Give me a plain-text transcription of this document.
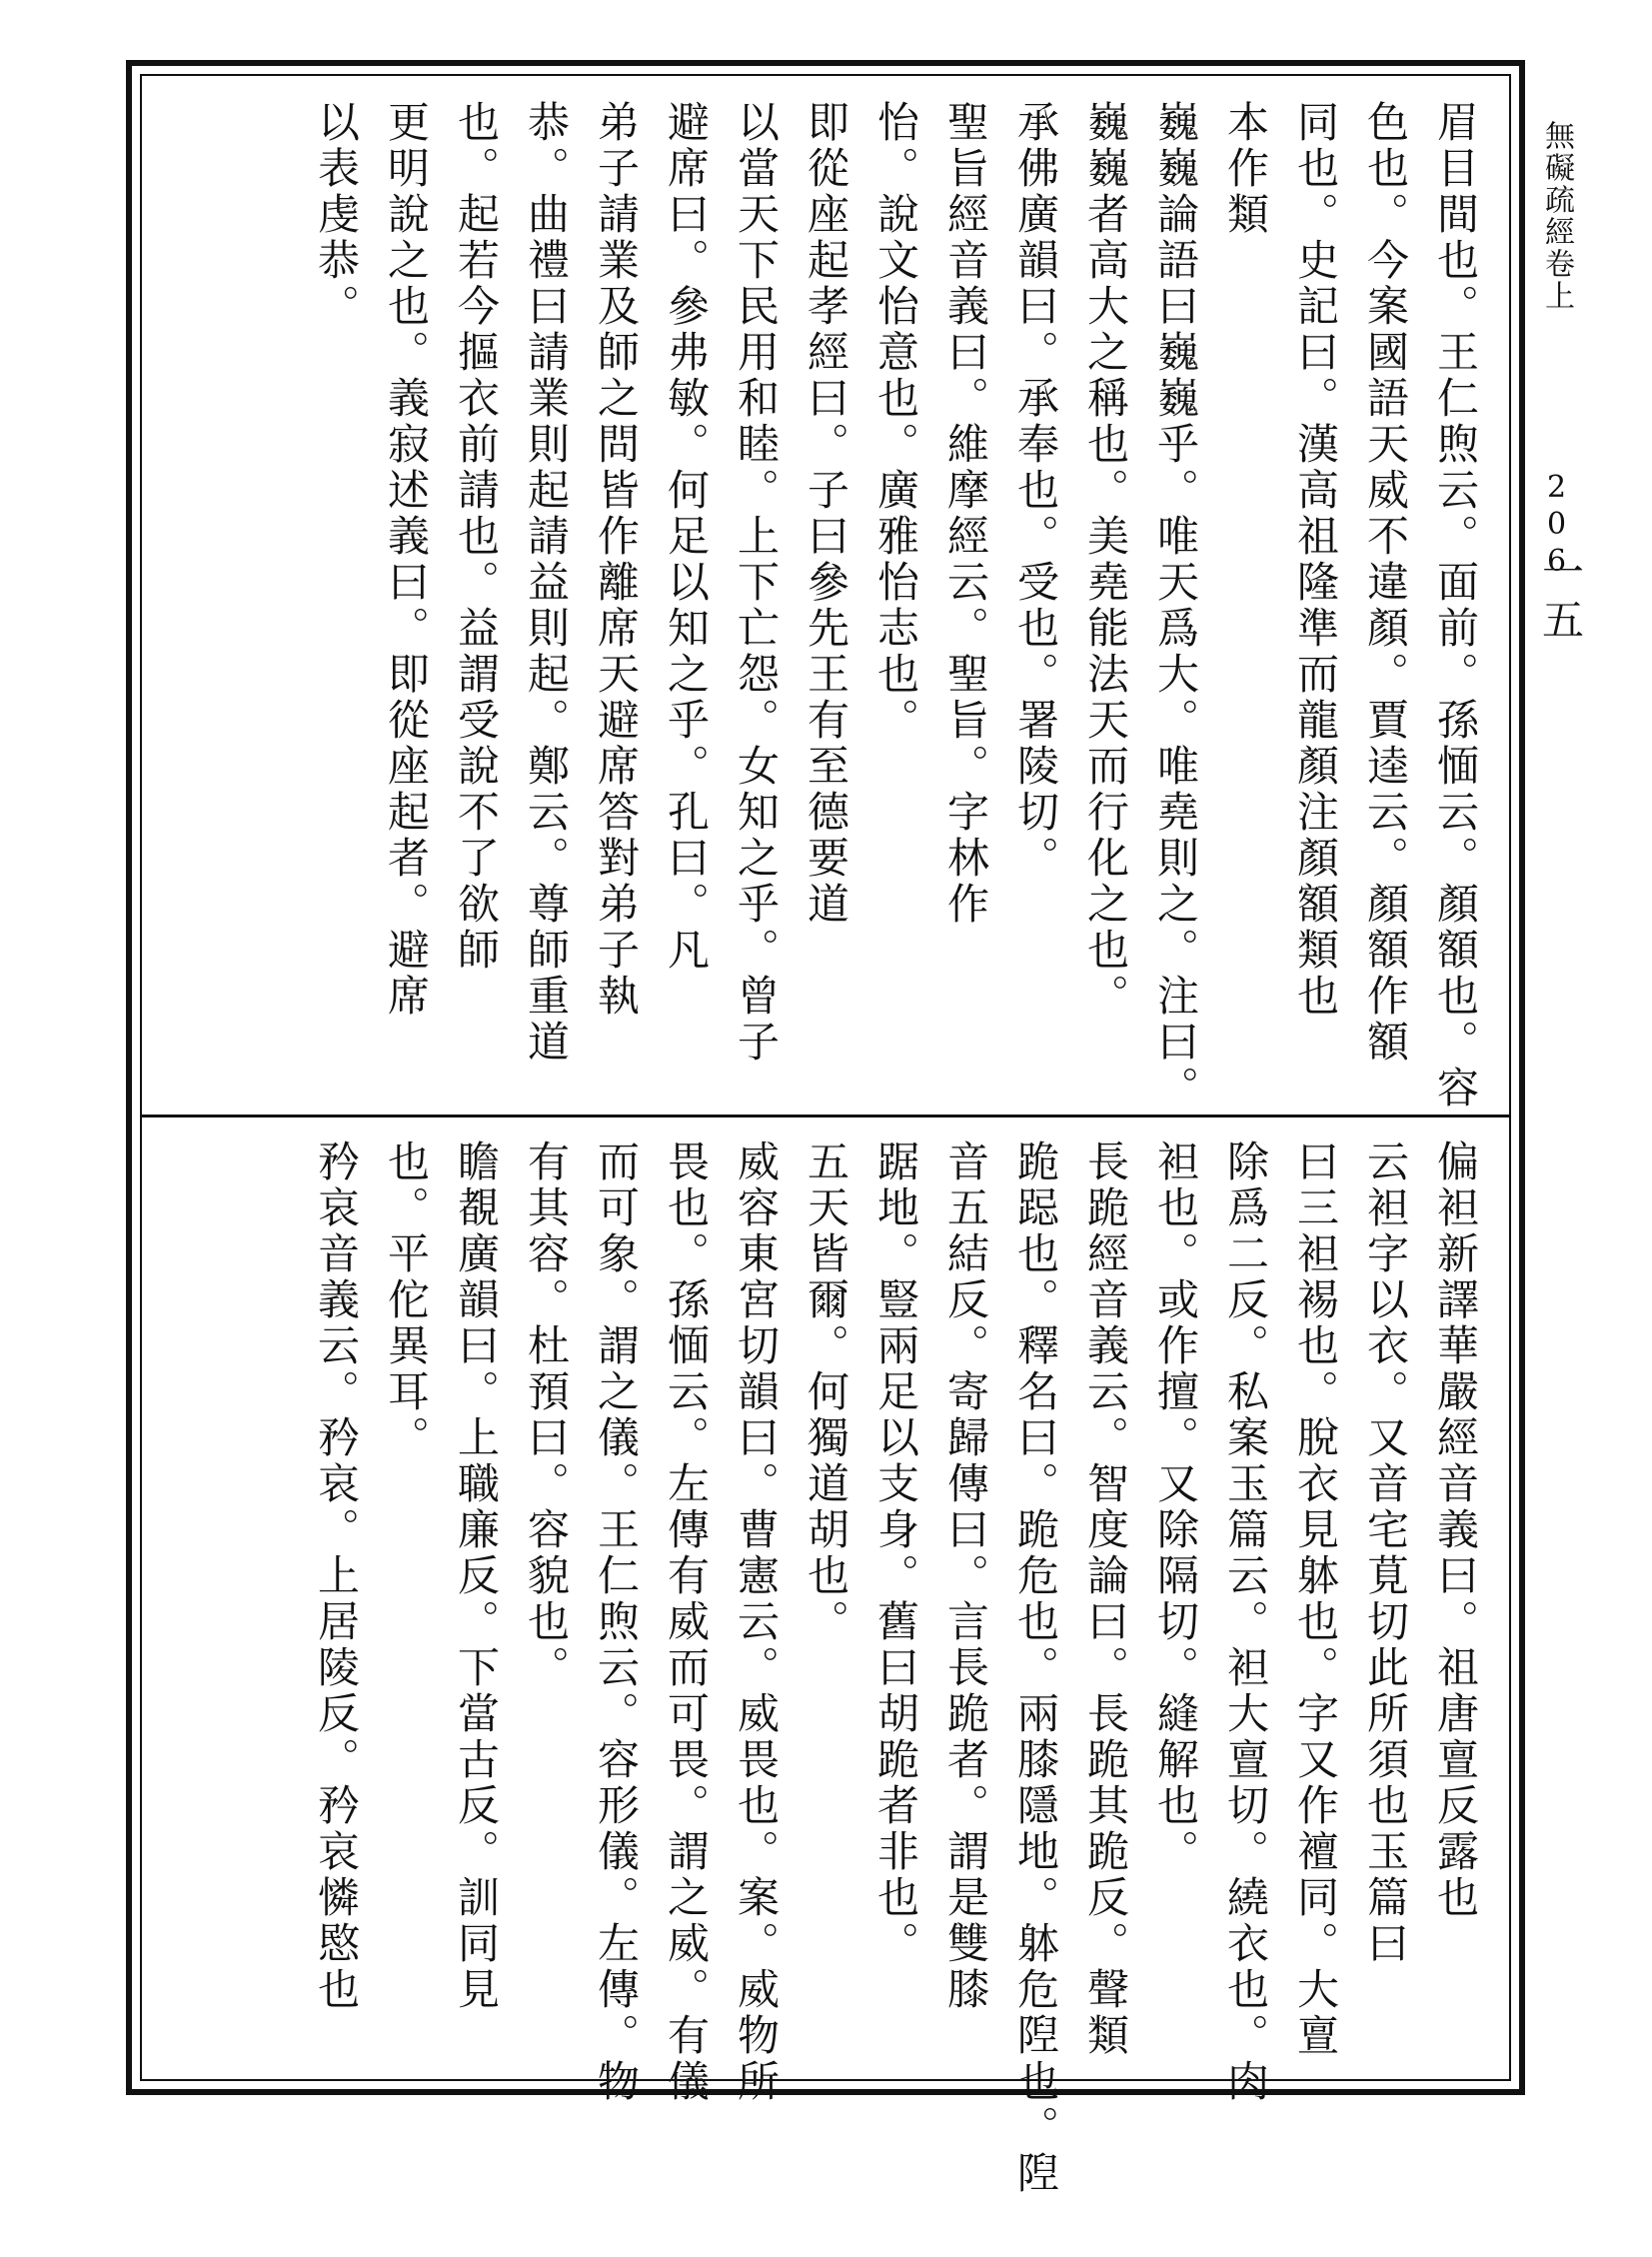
無礙疏經卷上
206
一五
眉目間也。王仁煦云。面前。孫愐云。顏額也。容
色也。今案國語天威不違顏。賈逵云。顏額作額
同也。史記曰。漢高祖隆準而龍顏注顏額類也
本作類
巍巍論語曰巍巍乎。唯天爲大。唯堯則之。注曰。
巍巍者高大之稱也。美堯能法天而行化之也。
承佛廣韻曰。承奉也。受也。署陵切。
聖旨經音義曰。維摩經云。聖旨。字林作
怡。說文怡意也。廣雅怡志也。
即從座起孝經曰。子曰參先王有至德要道
以當天下民用和睦。上下亡怨。女知之乎。曾子
避席曰。參弗敏。何足以知之乎。孔曰。凡
弟子請業及師之問皆作離席天避席答對弟子執
恭。曲禮曰請業則起請益則起。鄭云。尊師重道
也。起若今摳衣前請也。益謂受說不了欲師
更明說之也。義寂述義曰。即從座起者。避席
以表虔恭。
偏袒新譯華嚴經音義曰。祖唐亶反露也
云袒字以衣。又音宅莧切此所須也玉篇曰
曰三袒裼也。脫衣見躰也。字又作襢同。大亶
除爲二反。私案玉篇云。袒大亶切。繞衣也。肉
袒也。或作擅。又除隔切。縫解也。
長跪經音義云。智度論曰。長跪其跪反。聲類
跪跽也。釋名曰。跪危也。兩膝隱地。躰危隉也。隉
音五結反。寄歸傳曰。言長跪者。謂是雙膝
踞地。豎兩足以支身。舊曰胡跪者非也。
五天皆爾。何獨道胡也。
威容東宮切韻曰。曹憲云。威畏也。案。威物所
畏也。孫愐云。左傳有威而可畏。謂之威。有儀
而可象。謂之儀。王仁煦云。容形儀。左傳。物
有其容。杜預曰。容貌也。
瞻覩廣韻曰。上職廉反。下當古反。訓同見
也。平佗異耳。
矜哀音義云。矜哀。上居陵反。矜哀憐愍也
